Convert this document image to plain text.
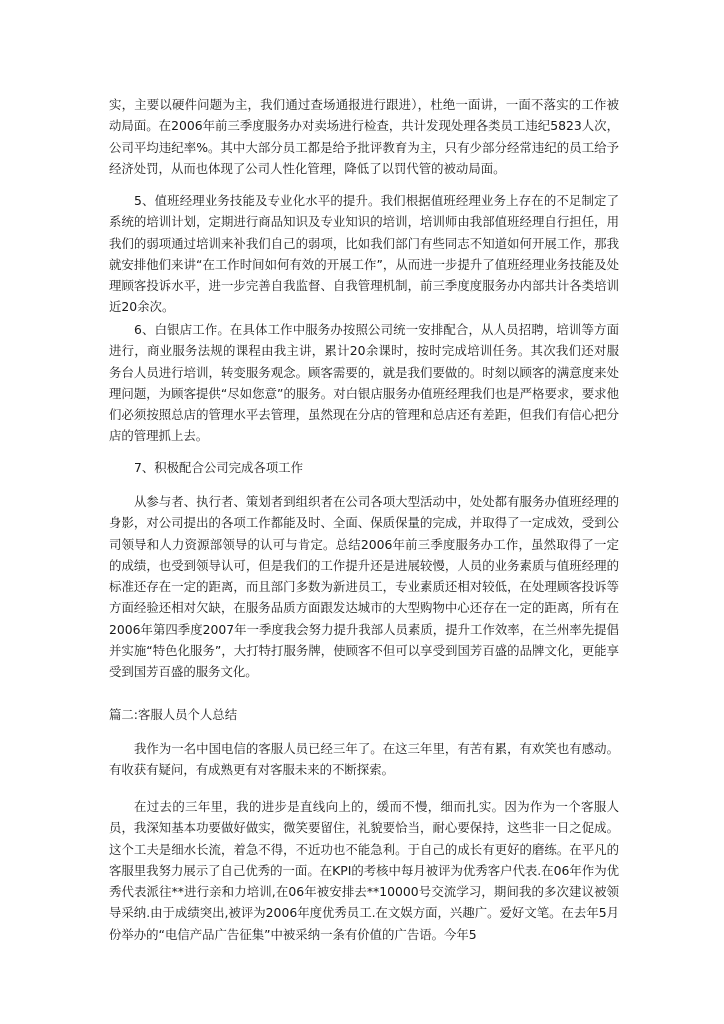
实，主要以硬件问题为主，我们通过查场通报进行跟进），杜绝一面讲，一面不落实的工作被动局面。在2006年前三季度服务办对卖场进行检查，共计发现处理各类员工违纪5823人次，公司平均违纪率%。其中大部分员工都是给予批评教育为主，只有少部分经常违纪的员工给予经济处罚，从而也体现了公司人性化管理，降低了以罚代管的被动局面。

5、值班经理业务技能及专业化水平的提升。我们根据值班经理业务上存在的不足制定了系统的培训计划，定期进行商品知识及专业知识的培训，培训师由我部值班经理自行担任，用我们的弱项通过培训来补我们自己的弱项，比如我们部门有些同志不知道如何开展工作，那我就安排他们来讲“在工作时间如何有效的开展工作”，从而进一步提升了值班经理业务技能及处理顾客投诉水平，进一步完善自我监督、自我管理机制，前三季度度服务办内部共计各类培训近20余次。

6、白银店工作。在具体工作中服务办按照公司统一安排配合，从人员招聘，培训等方面进行，商业服务法规的课程由我主讲，累计20余课时，按时完成培训任务。其次我们还对服务台人员进行培训，转变服务观念。顾客需要的，就是我们要做的。时刻以顾客的满意度来处理问题，为顾客提供“尽如您意”的服务。对白银店服务办值班经理我们也是严格要求，要求他们必须按照总店的管理水平去管理，虽然现在分店的管理和总店还有差距，但我们有信心把分店的管理抓上去。

7、积极配合公司完成各项工作

从参与者、执行者、策划者到组织者在公司各项大型活动中，处处都有服务办值班经理的身影，对公司提出的各项工作都能及时、全面、保质保量的完成，并取得了一定成效，受到公司领导和人力资源部领导的认可与肯定。总结2006年前三季度服务办工作，虽然取得了一定的成绩，也受到领导认可，但是我们的工作提升还是进展较慢，人员的业务素质与值班经理的标准还存在一定的距离，而且部门多数为新进员工，专业素质还相对较低，在处理顾客投诉等方面经验还相对欠缺，在服务品质方面跟发达城市的大型购物中心还存在一定的距离，所有在2006年第四季度2007年一季度我会努力提升我部人员素质，提升工作效率，在兰州率先提倡并实施“特色化服务”，大打特打服务牌，使顾客不但可以享受到国芳百盛的品牌文化，更能享受到国芳百盛的服务文化。

篇二:客服人员个人总结

我作为一名中国电信的客服人员已经三年了。在这三年里，有苦有累，有欢笑也有感动。有收获有疑问，有成熟更有对客服未来的不断探索。

在过去的三年里，我的进步是直线向上的，缓而不慢，细而扎实。因为作为一个客服人员，我深知基本功要做好做实，微笑要留住，礼貌要恰当，耐心要保持，这些非一日之促成。这个工夫是细水长流，着急不得，不近功也不能急利。于自己的成长有更好的磨练。在平凡的客服里我努力展示了自己优秀的一面。在KPI的考核中每月被评为优秀客户代表.在06年作为优秀代表派往**进行亲和力培训,在06年被安排去**10000号交流学习，期间我的多次建议被领导采纳.由于成绩突出,被评为2006年度优秀员工.在文娱方面，兴趣广。爱好文笔。在去年5月份举办的“电信产品广告征集”中被采纳一条有价值的广告语。今年5
